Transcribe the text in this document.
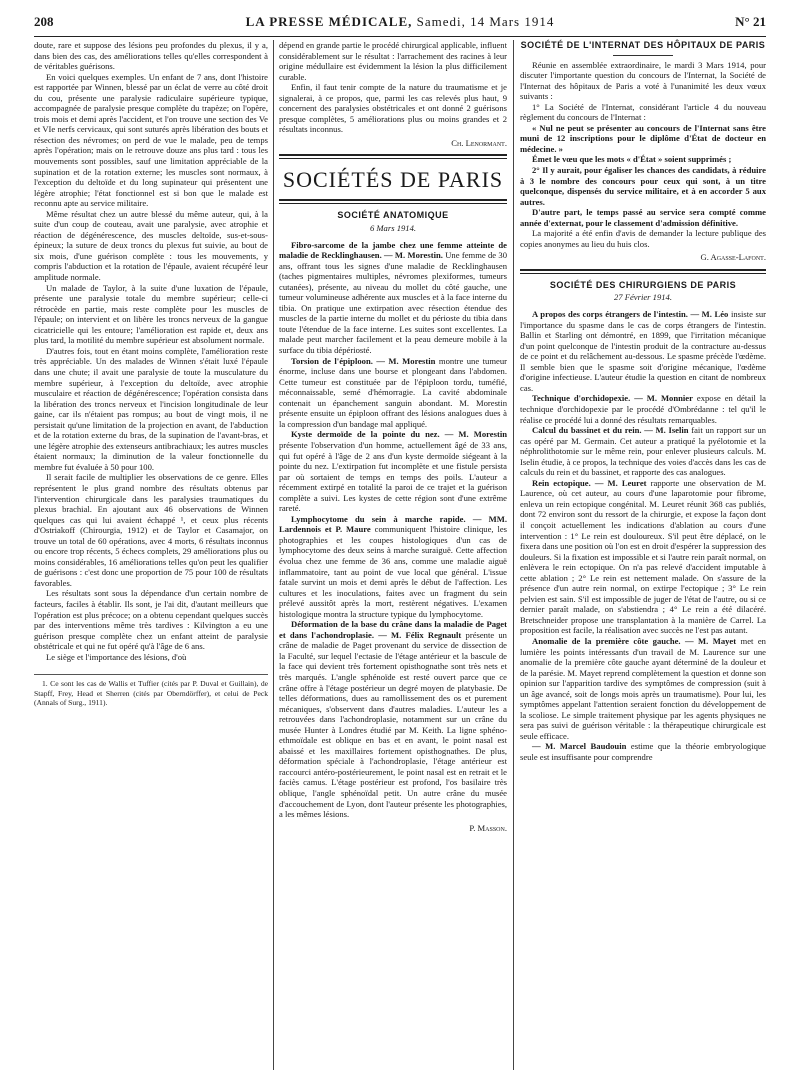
208	LA PRESSE MÉDICALE, Samedi, 14 Mars 1914	N° 21

doute, rare et suppose des lésions peu profondes du plexus, il y a, dans bien des cas, des améliorations telles qu'elles correspondent à de véritables guérisons.

En voici quelques exemples. Un enfant de 7 ans, dont l'histoire est rapportée par Winnen, blessé par un éclat de verre au côté droit du cou, présente une paralysie radiculaire supérieure typique, accompagnée de paralysie presque complète du trapèze; on l'opère, trois mois et demi après l'accident, et l'on trouve une section des Ve et VIe nerfs cervicaux, qui sont suturés après libération des bouts et résection des névromes; on perd de vue le malade, peu de temps après l'opération; mais on le retrouve douze ans plus tard : tous les mouvements sont possibles, sauf une limitation appréciable de la supination et de la rotation externe; les muscles sont normaux, à l'exception du deltoïde et du long supinateur qui présentent une légère atrophie; l'état fonctionnel est si bon que le malade est reconnu apte au service militaire.

Même résultat chez un autre blessé du même auteur, qui, à la suite d'un coup de couteau, avait une paralysie, avec atrophie et réaction de dégénérescence, des muscles deltoïde, sus-et-sous-épineux; la suture de deux troncs du plexus fut suivie, au bout de six mois, d'une guérison complète : tous les mouvements, y compris l'abduction et la rotation de l'épaule, avaient récupéré leur amplitude normale.

Un malade de Taylor, à la suite d'une luxation de l'épaule, présente une paralysie totale du membre supérieur; celle-ci rétrocède en partie, mais reste complète pour les muscles de l'épaule; on intervient et on libère les troncs nerveux de la gangue cicatricielle qui les entoure; l'amélioration est rapide et, deux ans plus tard, la motilité du membre supérieur est absolument normale.

D'autres fois, tout en étant moins complète, l'amélioration reste très appréciable. Un des malades de Winnen s'était luxé l'épaule dans une chute; il avait une paralysie de toute la musculature du membre supérieur, à l'exception du deltoïde, avec atrophie musculaire et réaction de dégénérescence; l'opération consista dans la libération des troncs nerveux et l'incision longitudinale de leur gaine, car ils n'étaient pas rompus; au bout de vingt mois, il ne persistait qu'une limitation de la projection en avant, de l'abduction et de la rotation externe du bras, de la supination de l'avant-bras, et une légère atrophie des extenseurs antibrachiaux; les autres muscles étaient normaux; la diminution de la valeur fonctionnelle du membre fut évaluée à 50 pour 100.

Il serait facile de multiplier les observations de ce genre. Elles représentent le plus grand nombre des résultats obtenus par l'intervention chirurgicale dans les paralysies traumatiques du plexus brachial. En ajoutant aux 46 observations de Winnen quelques cas qui lui avaient échappé ¹, et ceux plus récents d'Ostriakoff (Chirourgia, 1912) et de Taylor et Casamajor, on trouve un total de 60 opérations, avec 4 morts, 6 résultats inconnus ou encore trop récents, 5 échecs complets, 29 améliorations plus ou moins considérables, 16 améliorations telles qu'on peut les qualifier de guérisons : c'est donc une proportion de 75 pour 100 de résultats favorables.

Les résultats sont sous la dépendance d'un certain nombre de facteurs, faciles à établir. Ils sont, je l'ai dit, d'autant meilleurs que l'opération est plus précoce; on a obtenu cependant quelques succès par des interventions même très tardives : Kilvington a eu une guérison presque complète chez un enfant atteint de paralysie obstétricale et qui ne fut opéré qu'à l'âge de 6 ans.

Le siège et l'importance des lésions, d'où

1. Ce sont les cas de Wallis et Tuffier (cités par P. Duval et Guillain), de Stapff, Frey, Head et Sherren (cités par Oberndörffer), et celui de Peck (Annals of Surg., 1911).

dépend en grande partie le procédé chirurgical applicable, influent considérablement sur le résultat : l'arrachement des racines à leur origine médullaire est évidemment la lésion la plus difficilement curable.

Enfin, il faut tenir compte de la nature du traumatisme et je signalerai, à ce propos, que, parmi les cas relevés plus haut, 9 concernent des paralysies obstétricales et ont donné 2 guérisons presque complètes, 5 améliorations plus ou moins grandes et 2 résultats inconnus.

Ch. Lenormant.
SOCIÉTÉS DE PARIS
SOCIÉTÉ ANATOMIQUE
6 Mars 1914.

Fibro-sarcome de la jambe chez une femme atteinte de maladie de Recklinghausen. — M. Morestin. Une femme de 30 ans, offrant tous les signes d'une maladie de Recklinghausen (taches pigmentaires multiples, névromes plexiformes, tumeurs cutanées), présente, au niveau du mollet du côté gauche, une tumeur volumineuse adhérente aux muscles et à la face interne du tibia. On pratique une extirpation avec résection étendue des muscles de la partie interne du mollet et du périoste du tibia dans toute l'étendue de la face interne. Les suites sont excellentes. La malade peut marcher facilement et la peau demeure mobile à la surface du tibia dépériosté.

Torsion de l'épiploon. — M. Morestin montre une tumeur énorme, incluse dans une bourse et plongeant dans l'abdomen. Cette tumeur est constituée par de l'épiploon tordu, tuméfié, méconnaissable, semé d'hémorragie. La cavité abdominale contenait un épanchement sanguin abondant. M. Morestin présente ensuite un épiploon offrant des lésions analogues dues à la compression d'un bandage mal appliqué.

Kyste dermoïde de la pointe du nez. — M. Morestin présente l'observation d'un homme, actuellement âgé de 33 ans, qui fut opéré à l'âge de 2 ans d'un kyste dermoïde siégeant à la pointe du nez. L'extirpation fut incomplète et une fistule persista par où sortaient de temps en temps des poils. L'auteur a récemment extirpé en totalité la paroi de ce trajet et la guérison complète a suivi. Les kystes de cette région sont d'une extrême rareté.

Lymphocytome du sein à marche rapide. — MM. Lardennois et P. Maure communiquent l'histoire clinique, les photographies et les coupes histologiques d'un cas de lymphocytome des deux seins à marche suraiguë. Cette affection évolua chez une femme de 36 ans, comme une maladie aiguë inflammatoire, tant au point de vue local que général. L'issue fatale survint un mois et demi après le début de l'affection. Les cultures et les inoculations, faites avec un fragment du sein prélevé aussitôt après la mort, restèrent négatives. L'examen histologique montra la structure typique du lymphocytome.

Déformation de la base du crâne dans la maladie de Paget et dans l'achondroplasie. — M. Félix Regnault présente un crâne de maladie de Paget provenant du service de dissection de la Faculté, sur lequel l'ectasie de l'étage antérieur et la bascule de la face qui devient très fortement opisthognathe sont très nets et très marqués. L'angle sphénoïde est resté ouvert parce que ce crâne offre à l'étage postérieur un degré moyen de platybasie. De telles déformations, dues au ramollissement des os et purement mécaniques, s'observent dans d'autres maladies. L'auteur les a retrouvées dans l'achondroplasie, notamment sur un crâne du musée Hunter à Londres étudié par M. Keith. La ligne sphéno-ethmoïdale est oblique en bas et en avant, le point nasal est abaissé et les maxillaires fortement opisthognathes. De plus, déformation spéciale à l'achondroplasie, l'étage antérieur est raccourci antéro-postérieurement, le point nasal est en retrait et le faciès camus. L'étage postérieur est profond, l'os basilaire très oblique, l'angle sphénoïdal petit. Un autre crâne du musée d'accouchement de Lyon, dont l'auteur présente les photographies, a les mêmes lésions.

P. Masson.
SOCIÉTÉ DE L'INTERNAT DES HÔPITAUX DE PARIS

Réunie en assemblée extraordinaire, le mardi 3 Mars 1914, pour discuter l'importante question du concours de l'Internat, la Société de l'Internat des hôpitaux de Paris a voté à l'unanimité les deux vœux suivants :

1° La Société de l'Internat, considérant l'article 4 du nouveau règlement du concours de l'Internat :

« Nul ne peut se présenter au concours de l'Internat sans être muni de 12 inscriptions pour le diplôme d'État de docteur en médecine. »

Émet le vœu que les mots « d'État » soient supprimés ;

2° Il y aurait, pour égaliser les chances des candidats, à réduire à 3 le nombre des concours pour ceux qui sont, à un titre quelconque, dispensés du service militaire, et à en accorder 5 aux autres.

D'autre part, le temps passé au service sera compté comme année d'externat, pour le classement d'admission définitive.

La majorité a été enfin d'avis de demander la lecture publique des copies anonymes au lieu du huis clos.

G. Agasse-Lafont.
SOCIÉTÉ DES CHIRURGIENS DE PARIS
27 Février 1914.

A propos des corps étrangers de l'intestin. — M. Léo insiste sur l'importance du spasme dans le cas de corps étrangers de l'intestin. Ballin et Starling ont démontré, en 1899, que l'irritation mécanique d'un point quelconque de l'intestin produit de la contracture au-dessus de ce point et du relâchement au-dessous. Le spasme précède l'œdème. Il semble bien que le spasme soit d'origine mécanique, l'œdème d'origine infectieuse. L'auteur étudie la question en citant de nombreux cas.

Technique d'orchidopexie. — M. Monnier expose en détail la technique d'orchidopexie par le procédé d'Ombrédanne : tel qu'il le réalise ce procédé lui a donné des résultats remarquables.

Calcul du bassinet et du rein. — M. Iselin fait un rapport sur un cas opéré par M. Germain. Cet auteur a pratiqué la pyélotomie et la néphrolithotomie sur le même rein, pour enlever plusieurs calculs. M. Iselin étudie, à ce propos, la technique des voies d'accès dans les cas de calculs du rein et du bassinet, et rapporte des cas analogues.

Rein ectopique. — M. Leuret rapporte une observation de M. Laurence, où cet auteur, au cours d'une laparotomie pour fibrome, enleva un rein ectopique congénital. M. Leuret réunit 368 cas publiés, dont 72 environ sont du ressort de la chirurgie, et expose la façon dont il conçoit actuellement les indications d'ablation au cours d'une intervention : 1° Le rein est douloureux. S'il peut être déplacé, on le fixera dans une position où l'on est en droit d'espérer la suppression des douleurs. Si la fixation est impossible et si l'autre rein paraît normal, on enlèvera le rein ectopique. On n'a pas relevé d'accident imputable à cette ablation ; 2° Le rein est nettement malade. On s'assure de la présence d'un autre rein normal, on extirpe l'ectopique ; 3° Le rein pelvien est sain. S'il est impossible de juger de l'état de l'autre, ou si ce dernier paraît malade, on s'abstiendra ; 4° Le rein a été dilacéré. Bretschneider propose une transplantation à la manière de Carrel. La proposition est facile, la réalisation avec succès ne l'est pas autant.

Anomalie de la première côte gauche. — M. Mayet met en lumière les points intéressants d'un travail de M. Laurence sur une anomalie de la première côte gauche ayant déterminé de la douleur et de la parésie. M. Mayet reprend complètement la question et donne son opinion sur l'apparition tardive des symptômes de compression (suit à un âge avancé, soit de longs mois après un traumatisme). Pour lui, les symptômes appelant l'attention seraient fonction du développement de la scoliose. Le simple traitement physique par les agents physiques ne sera pas suivi de guérison véritable : la thérapeutique chirurgicale est seule efficace.

— M. Marcel Baudouin estime que la théorie embryologique seule est insuffisante pour comprendre
